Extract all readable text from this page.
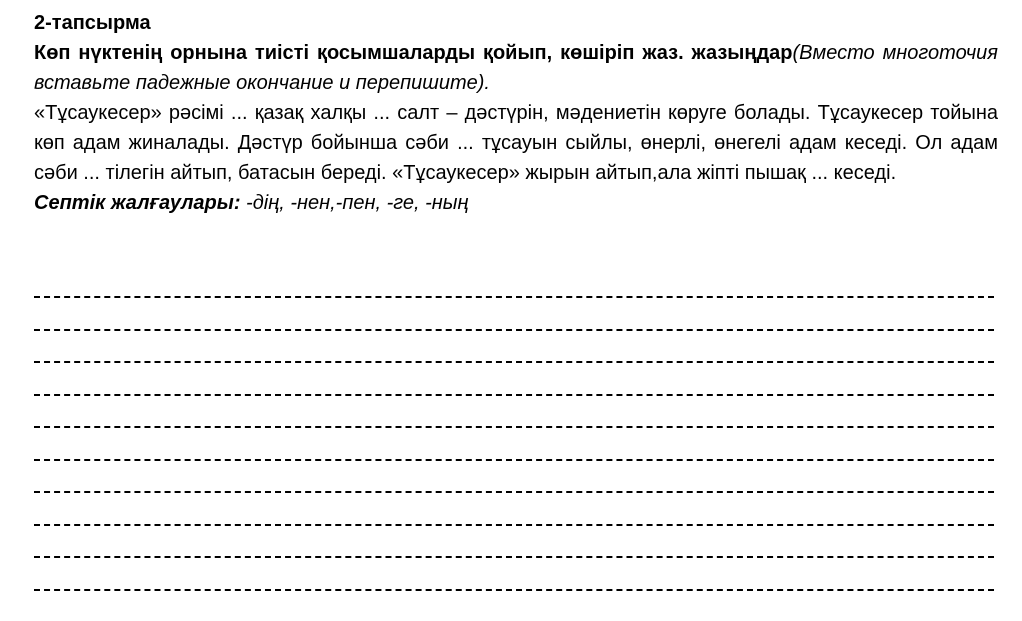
2-тапсырма

Көп нүктенің орнына тиісті қосымшаларды қойып, көшіріп жаз. жазыңдар(Вместо многоточия вставьте падежные окончание и перепишите).

«Тұсаукесер» рәсімі ... қазақ халқы ... салт – дәстүрін, мәдениетін көруге болады. Тұсаукесер тойына көп адам жиналады. Дәстүр бойынша сәби ... тұсауын сыйлы, өнерлі, өнегелі адам кеседі. Ол адам сәби ... тілегін айтып, батасын береді. «Тұсаукесер» жырын айтып,ала жіпті пышақ ... кеседі.

Септік жалғаулары: -дің, -нен,-пен, -ге, -ның
